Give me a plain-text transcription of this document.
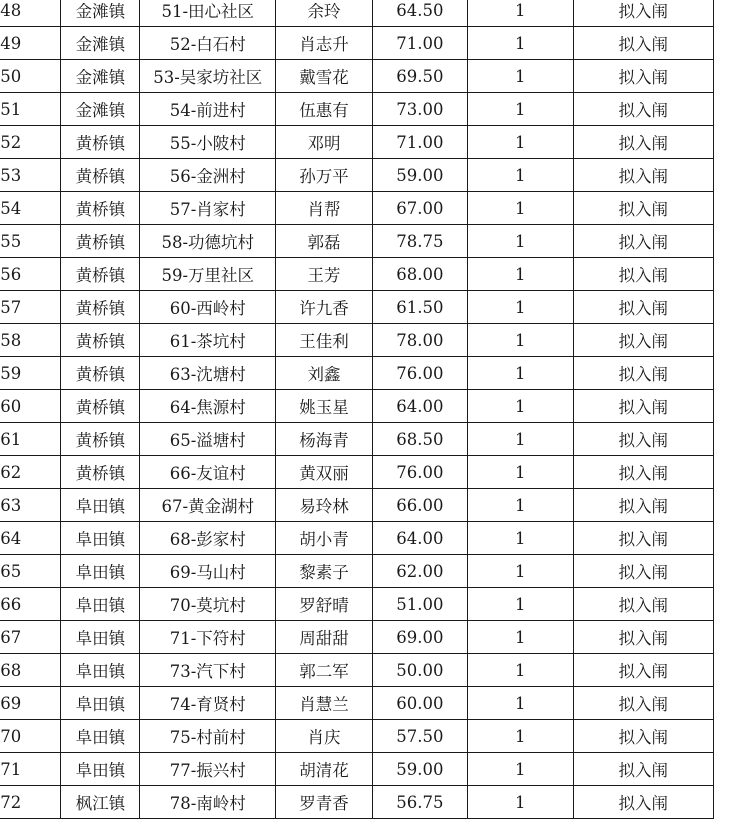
48	金滩镇	51-田心社区	余玲	64.50	1	拟入闱
49	金滩镇	52-白石村	肖志升	71.00	1	拟入闱
50	金滩镇	53-吴家坊社区	戴雪花	69.50	1	拟入闱
51	金滩镇	54-前进村	伍惠有	73.00	1	拟入闱
52	黄桥镇	55-小陂村	邓明	71.00	1	拟入闱
53	黄桥镇	56-金洲村	孙万平	59.00	1	拟入闱
54	黄桥镇	57-肖家村	肖帮	67.00	1	拟入闱
55	黄桥镇	58-功德坑村	郭磊	78.75	1	拟入闱
56	黄桥镇	59-万里社区	王芳	68.00	1	拟入闱
57	黄桥镇	60-西岭村	许九香	61.50	1	拟入闱
58	黄桥镇	61-茶坑村	王佳利	78.00	1	拟入闱
59	黄桥镇	63-沈塘村	刘鑫	76.00	1	拟入闱
60	黄桥镇	64-焦源村	姚玉星	64.00	1	拟入闱
61	黄桥镇	65-溢塘村	杨海青	68.50	1	拟入闱
62	黄桥镇	66-友谊村	黄双丽	76.00	1	拟入闱
63	阜田镇	67-黄金湖村	易玲林	66.00	1	拟入闱
64	阜田镇	68-彭家村	胡小青	64.00	1	拟入闱
65	阜田镇	69-马山村	黎素子	62.00	1	拟入闱
66	阜田镇	70-莫坑村	罗舒晴	51.00	1	拟入闱
67	阜田镇	71-下符村	周甜甜	69.00	1	拟入闱
68	阜田镇	73-汽下村	郭二军	50.00	1	拟入闱
69	阜田镇	74-育贤村	肖慧兰	60.00	1	拟入闱
70	阜田镇	75-村前村	肖庆	57.50	1	拟入闱
71	阜田镇	77-振兴村	胡清花	59.00	1	拟入闱
72	枫江镇	78-南岭村	罗青香	56.75	1	拟入闱
